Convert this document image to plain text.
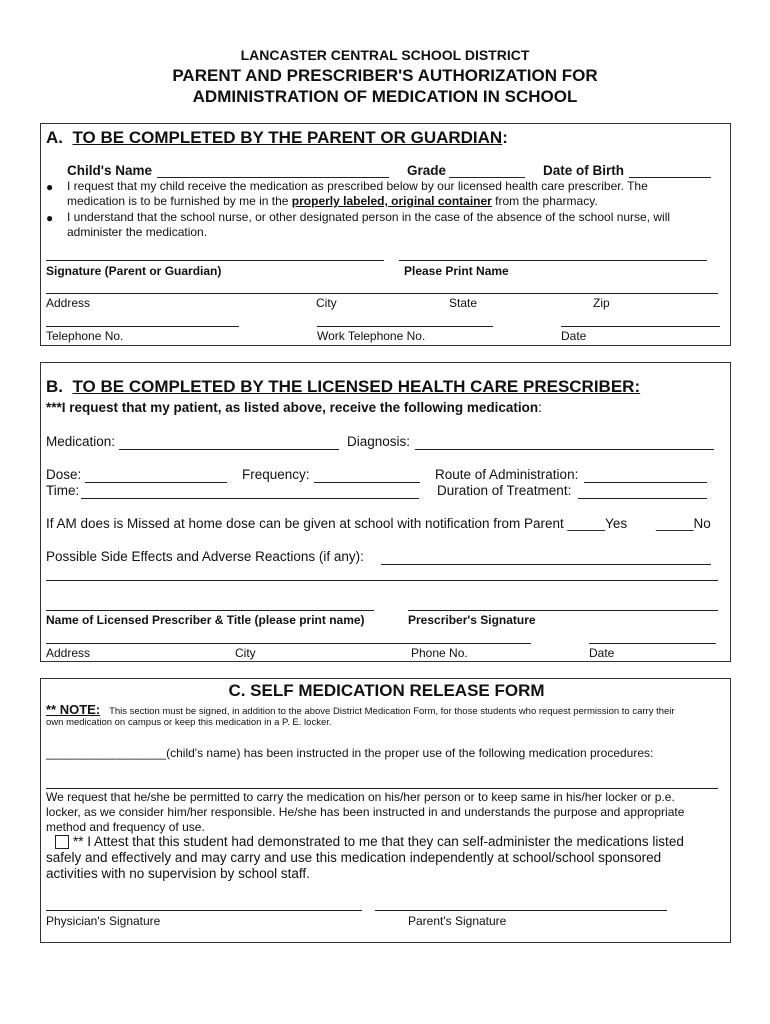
LANCASTER CENTRAL SCHOOL DISTRICT
PARENT AND PRESCRIBER'S AUTHORIZATION FOR
ADMINISTRATION OF MEDICATION IN SCHOOL
A. TO BE COMPLETED BY THE PARENT OR GUARDIAN:
Child's Name	Grade	Date of Birth
● I request that my child receive the medication as prescribed below by our licensed health care prescriber. The medication is to be furnished by me in the properly labeled, original container from the pharmacy.
● I understand that the school nurse, or other designated person in the case of the absence of the school nurse, will administer the medication.
Signature (Parent or Guardian)	Please Print Name
Address	City	State	Zip
Telephone No.	Work Telephone No.	Date
B. TO BE COMPLETED BY THE LICENSED HEALTH CARE PRESCRIBER:
***I request that my patient, as listed above, receive the following medication:
Medication:	Diagnosis:
Dose:	Frequency:	Route of Administration:
Time:	Duration of Treatment:
If AM does is Missed at home dose can be given at school with notification from Parent _____Yes _____No
Possible Side Effects and Adverse Reactions (if any):
Name of Licensed Prescriber & Title (please print name)	Prescriber's Signature
Address	City	Phone No.	Date
C. SELF MEDICATION RELEASE FORM
** NOTE: This section must be signed, in addition to the above District Medication Form, for those students who request permission to carry their
own medication on campus or keep this medication in a P. E. locker.
__________________(child's name) has been instructed in the proper use of the following medication procedures:
We request that he/she be permitted to carry the medication on his/her person or to keep same in his/her locker or p.e.
locker, as we consider him/her responsible. He/she has been instructed in and understands the purpose and appropriate
method and frequency of use.
** I Attest that this student had demonstrated to me that they can self-administer the medications listed
safely and effectively and may carry and use this medication independently at school/school sponsored
activities with no supervision by school staff.
Physician's Signature	Parent's Signature
